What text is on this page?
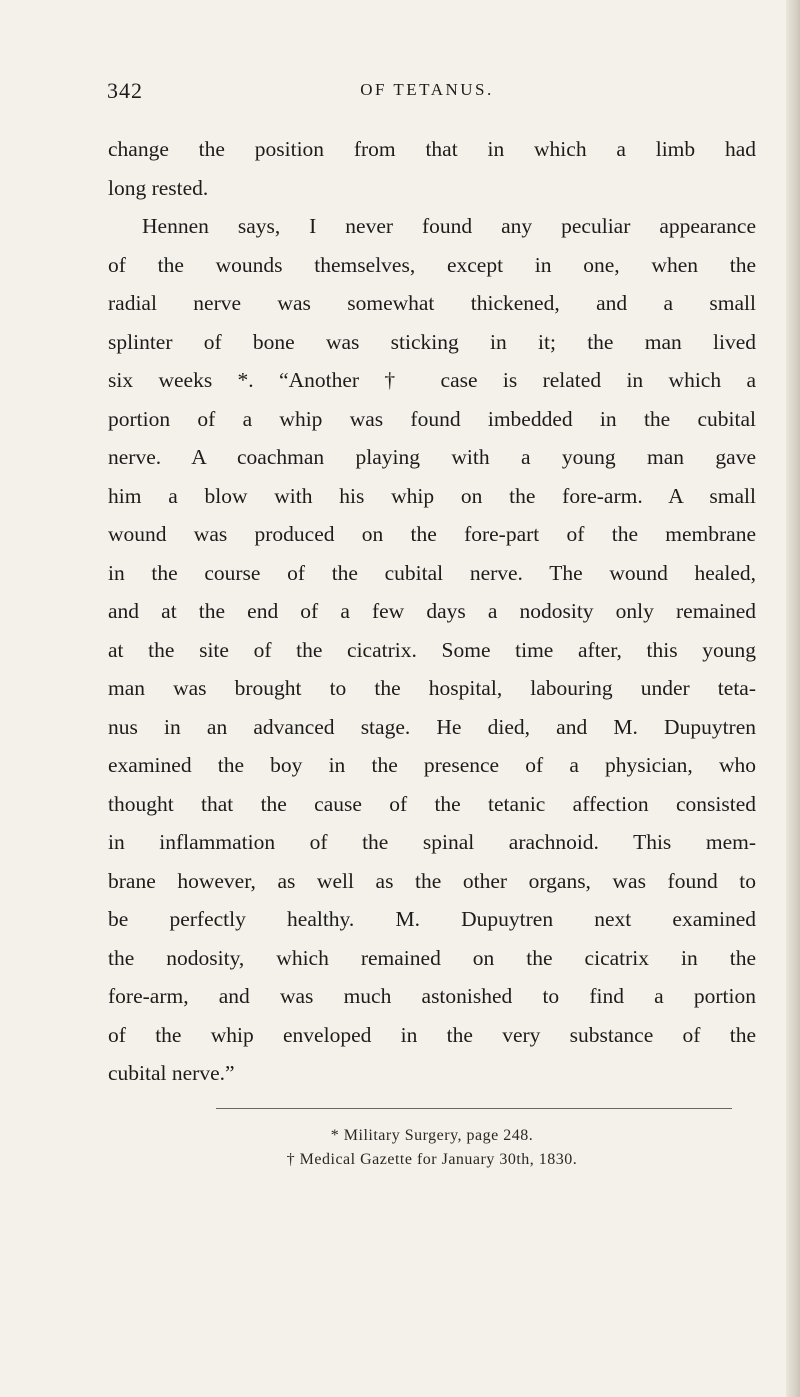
342	OF TETANUS.
change the position from that in which a limb had
long rested.
Hennen says, I never found any peculiar appearance
of the wounds themselves, except in one, when the
radial nerve was somewhat thickened, and a small
splinter of bone was sticking in it; the man lived
six weeks *. “Another † case is related in which a
portion of a whip was found imbedded in the cubital
nerve. A coachman playing with a young man gave
him a blow with his whip on the fore-arm. A small
wound was produced on the fore-part of the membrane
in the course of the cubital nerve. The wound healed,
and at the end of a few days a nodosity only remained
at the site of the cicatrix. Some time after, this young
man was brought to the hospital, labouring under teta-
nus in an advanced stage. He died, and M. Dupuytren
examined the boy in the presence of a physician, who
thought that the cause of the tetanic affection consisted
in inflammation of the spinal arachnoid. This mem-
brane however, as well as the other organs, was found to
be perfectly healthy. M. Dupuytren next examined
the nodosity, which remained on the cicatrix in the
fore-arm, and was much astonished to find a portion
of the whip enveloped in the very substance of the
cubital nerve.”
* Military Surgery, page 248.
† Medical Gazette for January 30th, 1830.
